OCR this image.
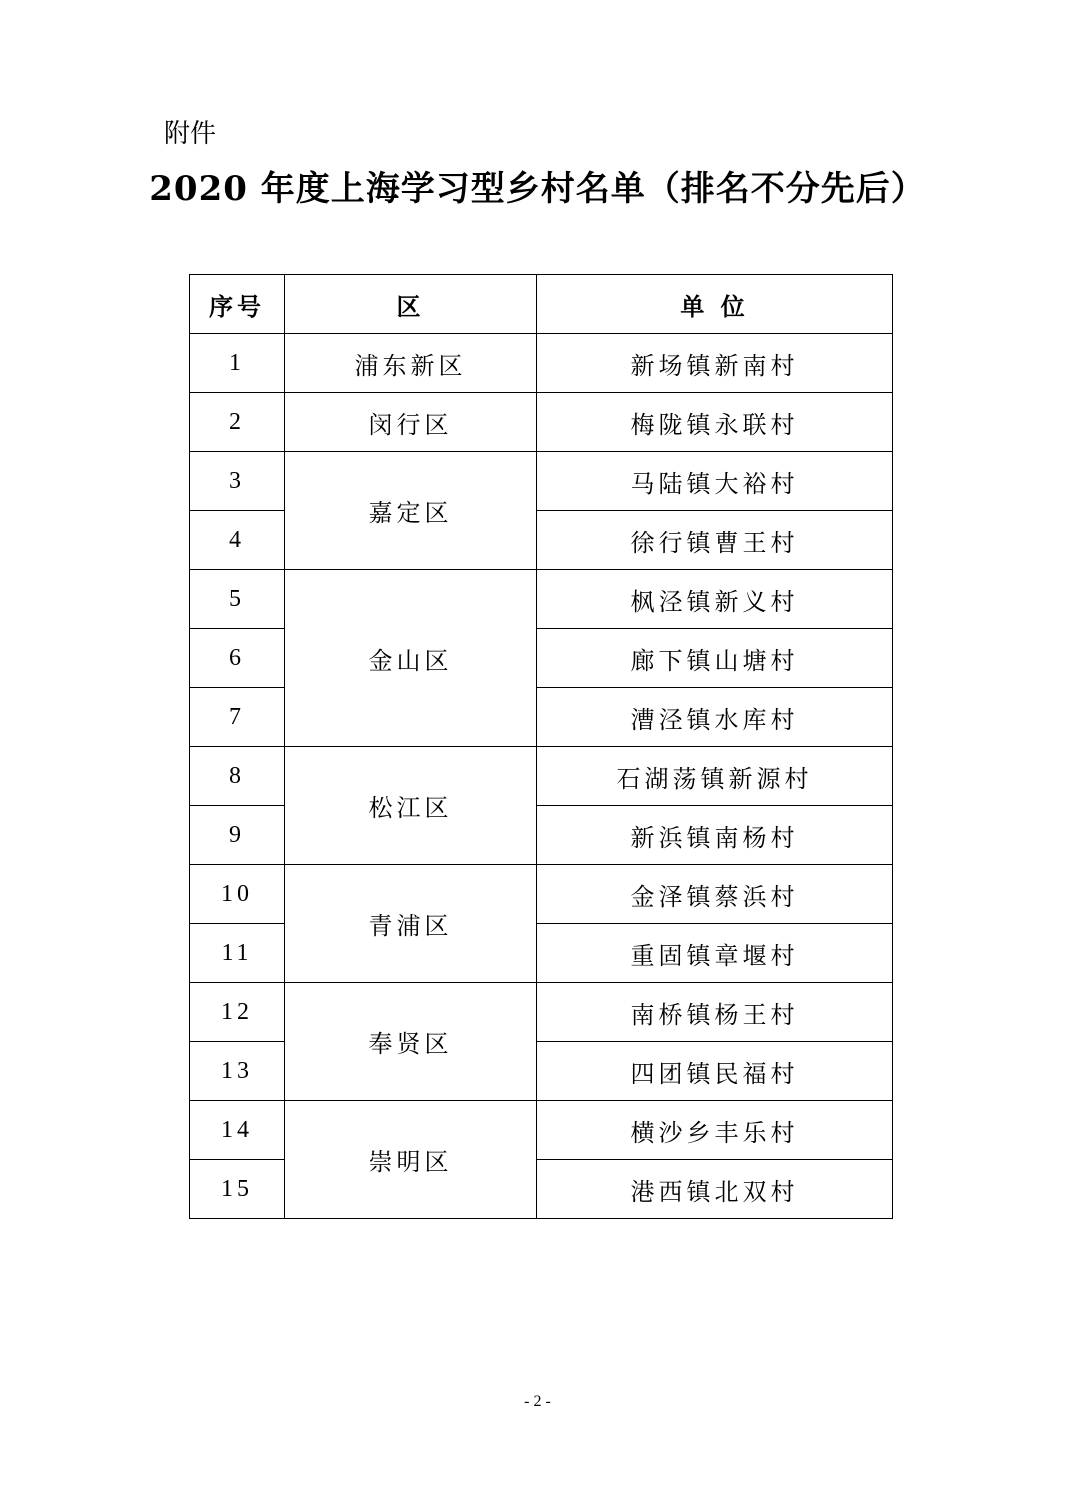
附件
2020 年度上海学习型乡村名单（排名不分先后）
序号	区	单 位
1	浦东新区	新场镇新南村
2	闵行区	梅陇镇永联村
3	嘉定区	马陆镇大裕村
4		徐行镇曹王村
5	金山区	枫泾镇新义村
6		廊下镇山塘村
7		漕泾镇水库村
8	松江区	石湖荡镇新源村
9		新浜镇南杨村
10	青浦区	金泽镇蔡浜村
11		重固镇章堰村
12	奉贤区	南桥镇杨王村
13		四团镇民福村
14	崇明区	横沙乡丰乐村
15		港西镇北双村
- 2 -
